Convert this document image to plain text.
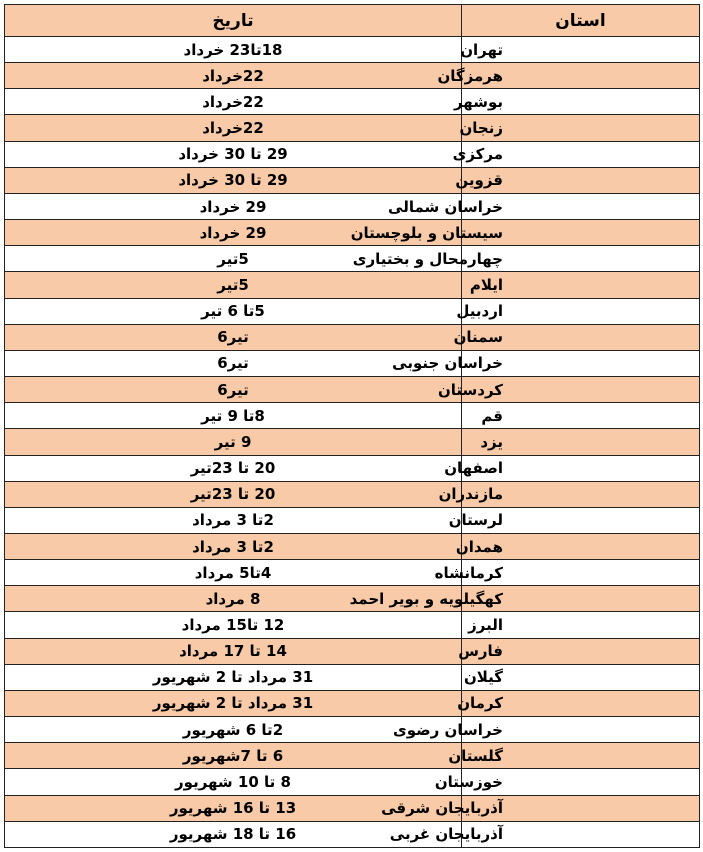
استان	تاریخ
تهران	18تا23 خرداد
هرمزگان	22خرداد
بوشهر	22خرداد
زنجان	22خرداد
مرکزی	29 تا 30 خرداد
قزوین	29 تا 30 خرداد
خراسان شمالی	29 خرداد
سیستان و بلوچستان	29 خرداد
چهارمحال و بختیاری	5تیر
ایلام	5تیر
اردبیل	5تا 6 تیر
سمنان	تیر6
خراسان جنوبی	تیر6
کردستان	تیر6
قم	8تا 9 تیر
یزد	9 تیر
اصفهان	20 تا 23تیر
مازندران	20 تا 23تیر
لرستان	2تا 3 مرداد
همدان	2تا 3 مرداد
کرمانشاه	4تا5 مرداد
کهگیلویه و بویر احمد	8 مرداد
البرز	12 تا15 مرداد
فارس	14 تا 17 مرداد
گیلان	31 مرداد تا 2 شهریور
کرمان	31 مرداد تا 2 شهریور
خراسان رضوی	2تا 6 شهریور
گلستان	6 تا 7شهریور
خوزستان	8 تا 10 شهریور
آذربایجان شرقی	13 تا 16 شهریور
آذربایجان غربی	16 تا 18 شهریور
